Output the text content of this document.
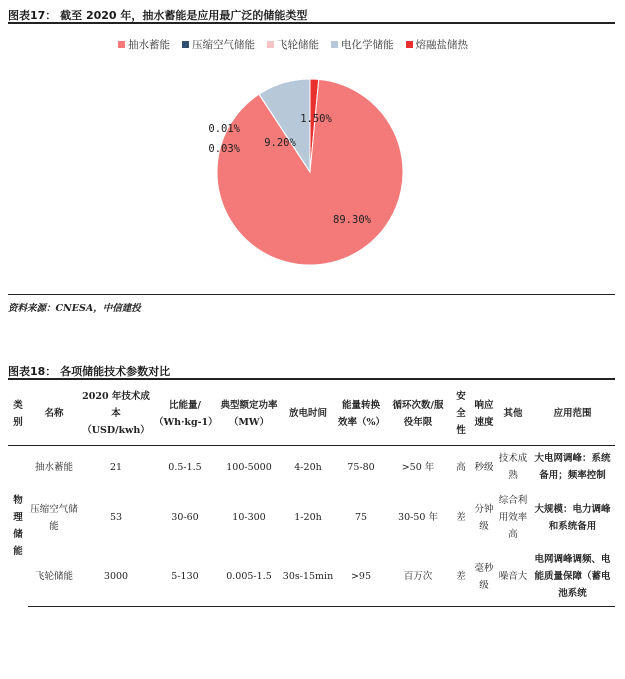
图表17： 截至 2020 年，抽水蓄能是应用最广泛的储能类型
抽水蓄能 压缩空气储能 飞轮储能 电化学储能 熔融盐储热
89.30%
9.20%
0.01%
0.03%
1.50%
资料来源：CNESA，中信建投
图表18： 各项储能技术参数对比
类别	名称	2020 年技术成本（USD/kwh）	比能量/（Wh·kg-1）	典型额定功率（MW）	放电时间	能量转换效率（%）	循环次数/服役年限	安全性	响应速度	其他	应用范围
物理储能	抽水蓄能	21	0.5-1.5	100-5000	4-20h	75-80	>50 年	高	秒级	技术成熟	大电网调峰：系统备用；频率控制
	压缩空气储能	53	30-60	10-300	1-20h	75	30-50 年	差	分钟级	综合利用效率高	大规模：电力调峰和系统备用
	飞轮储能	3000	5-130	0.005-1.5	30s-15min	>95	百万次	差	毫秒级	噪音大	电网调峰调频、电能质量保障（蓄电池系统
